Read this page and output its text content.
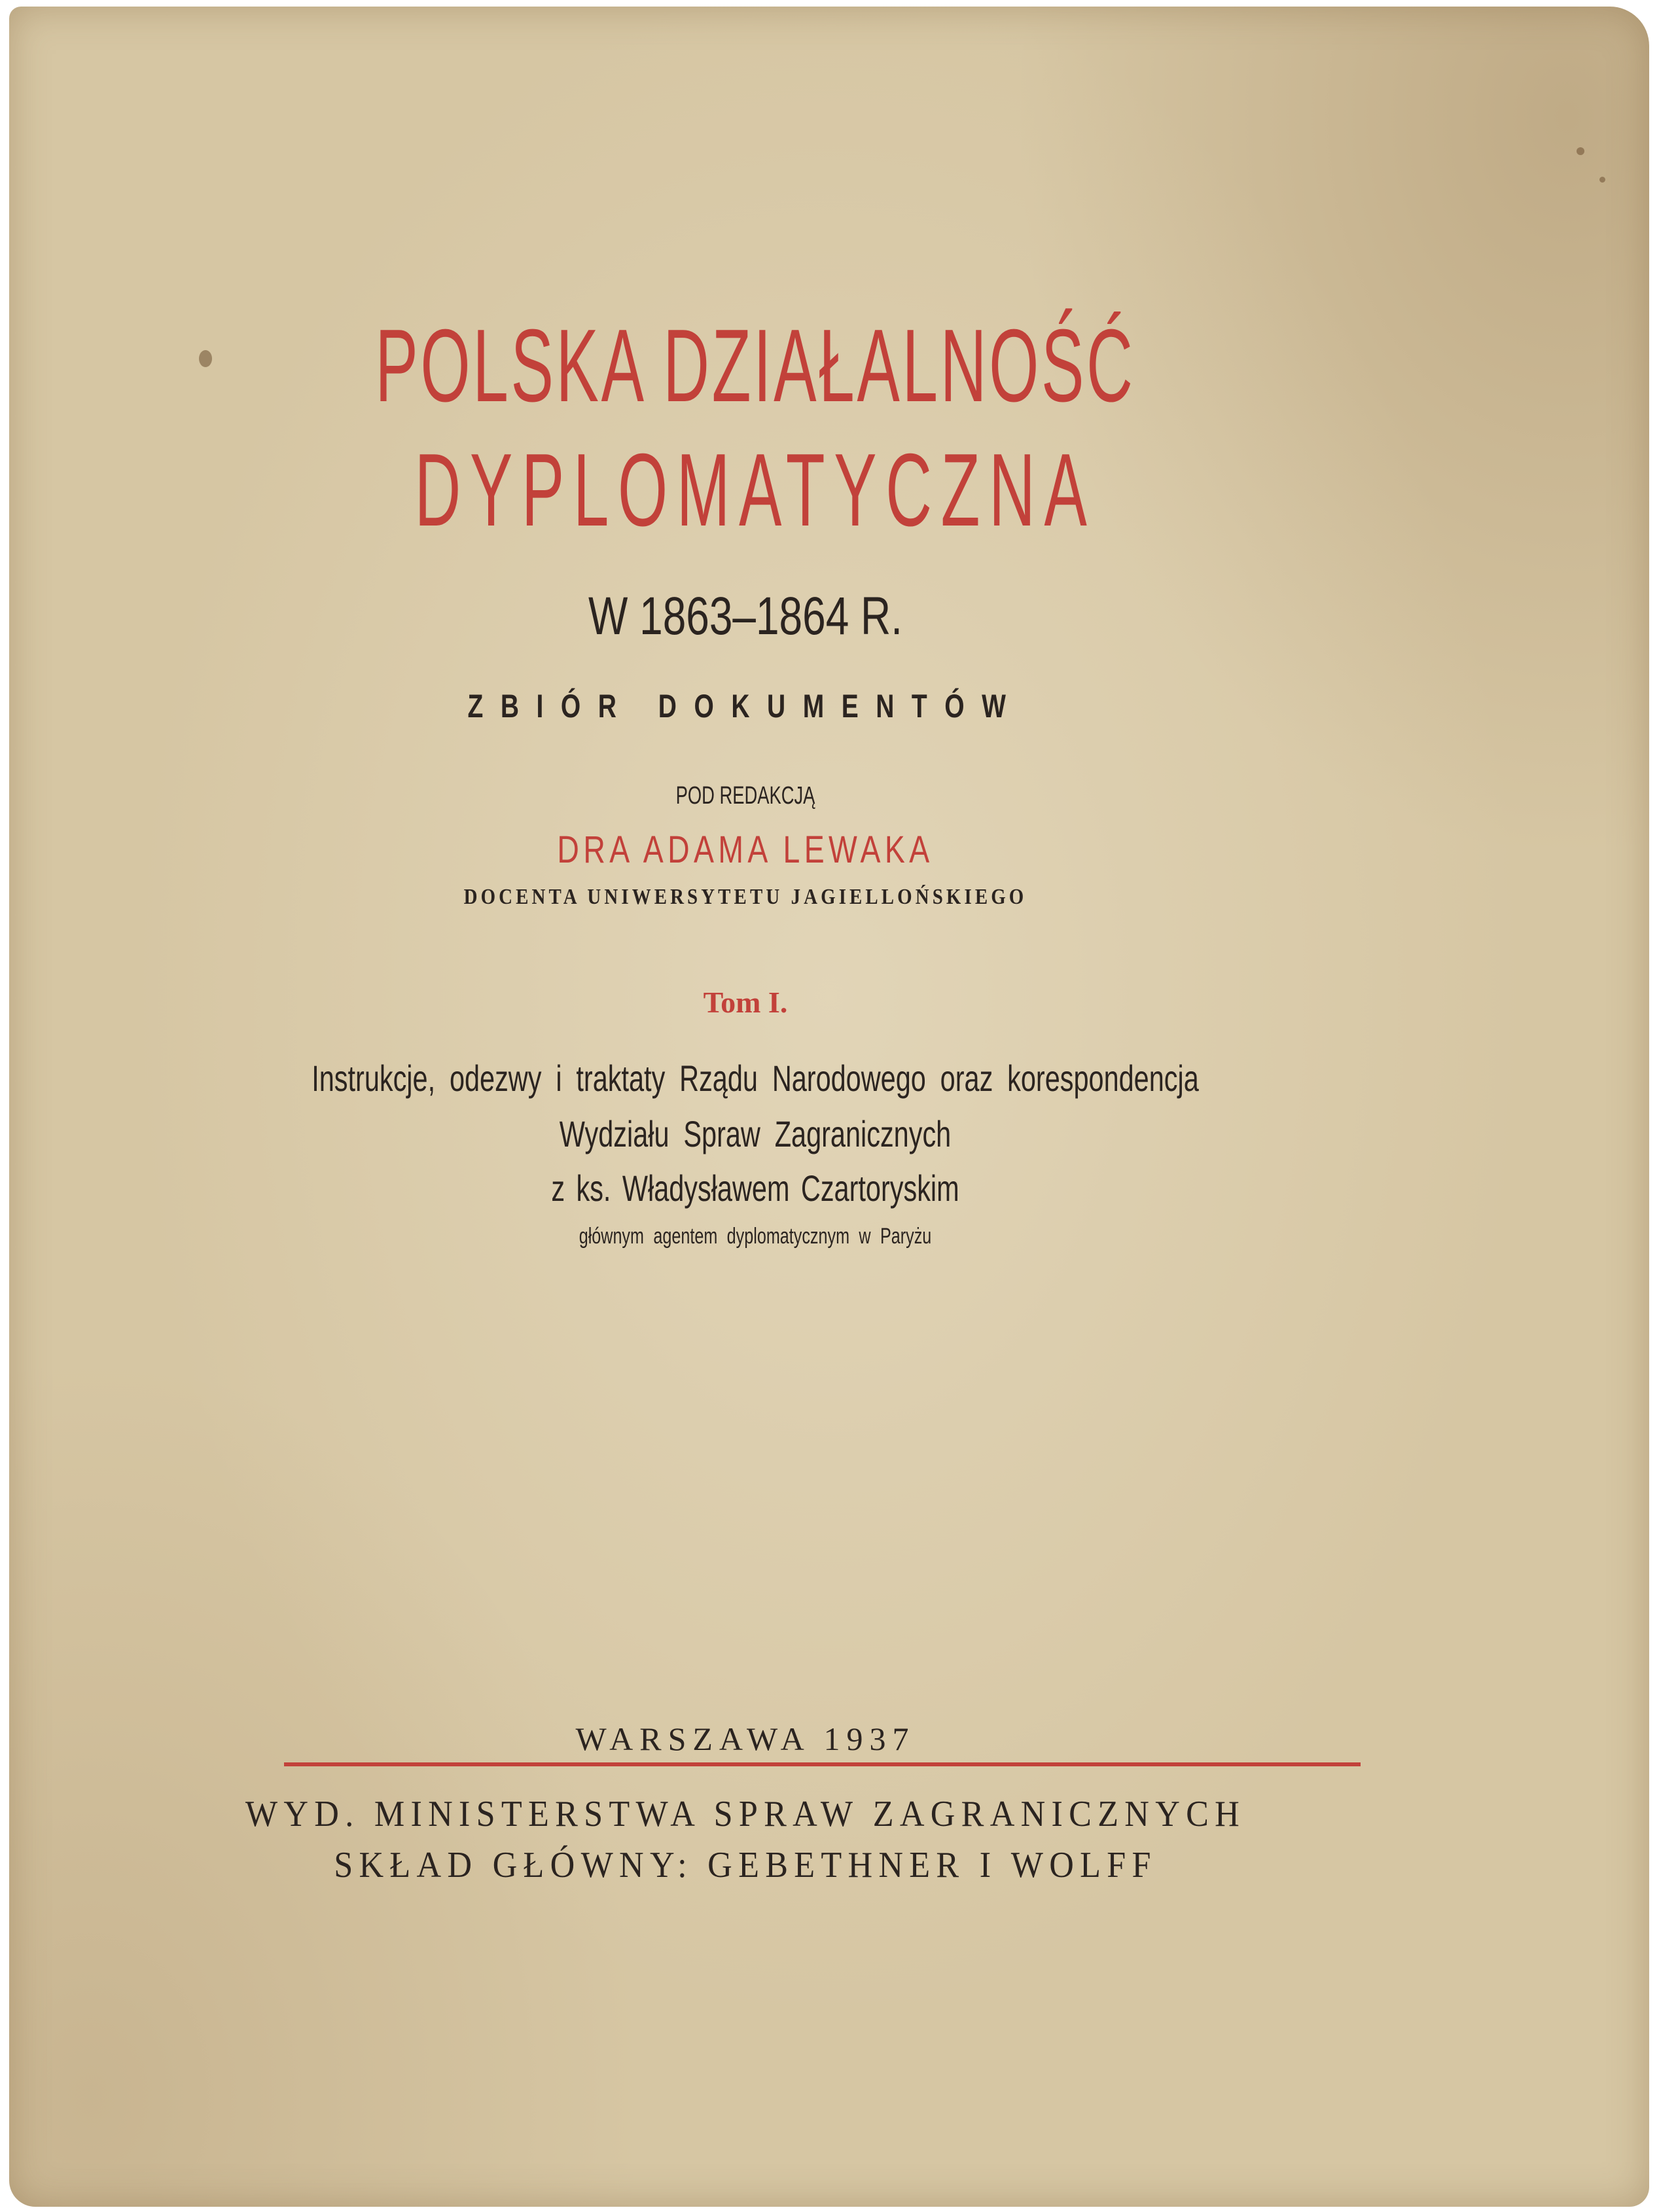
POLSKA DZIAŁALNOŚĆ
DYPLOMATYCZNA
W 1863–1864 R.
ZBIÓR DOKUMENTÓW
POD REDAKCJĄ
DRA ADAMA LEWAKA
DOCENTA UNIWERSYTETU JAGIELLOŃSKIEGO
Tom I.
Instrukcje, odezwy i traktaty Rządu Narodowego oraz korespondencja
Wydziału Spraw Zagranicznych
z ks. Władysławem Czartoryskim
głównym agentem dyplomatycznym w Paryżu
WARSZAWA 1937
WYD. MINISTERSTWA SPRAW ZAGRANICZNYCH
SKŁAD GŁÓWNY: GEBETHNER I WOLFF
